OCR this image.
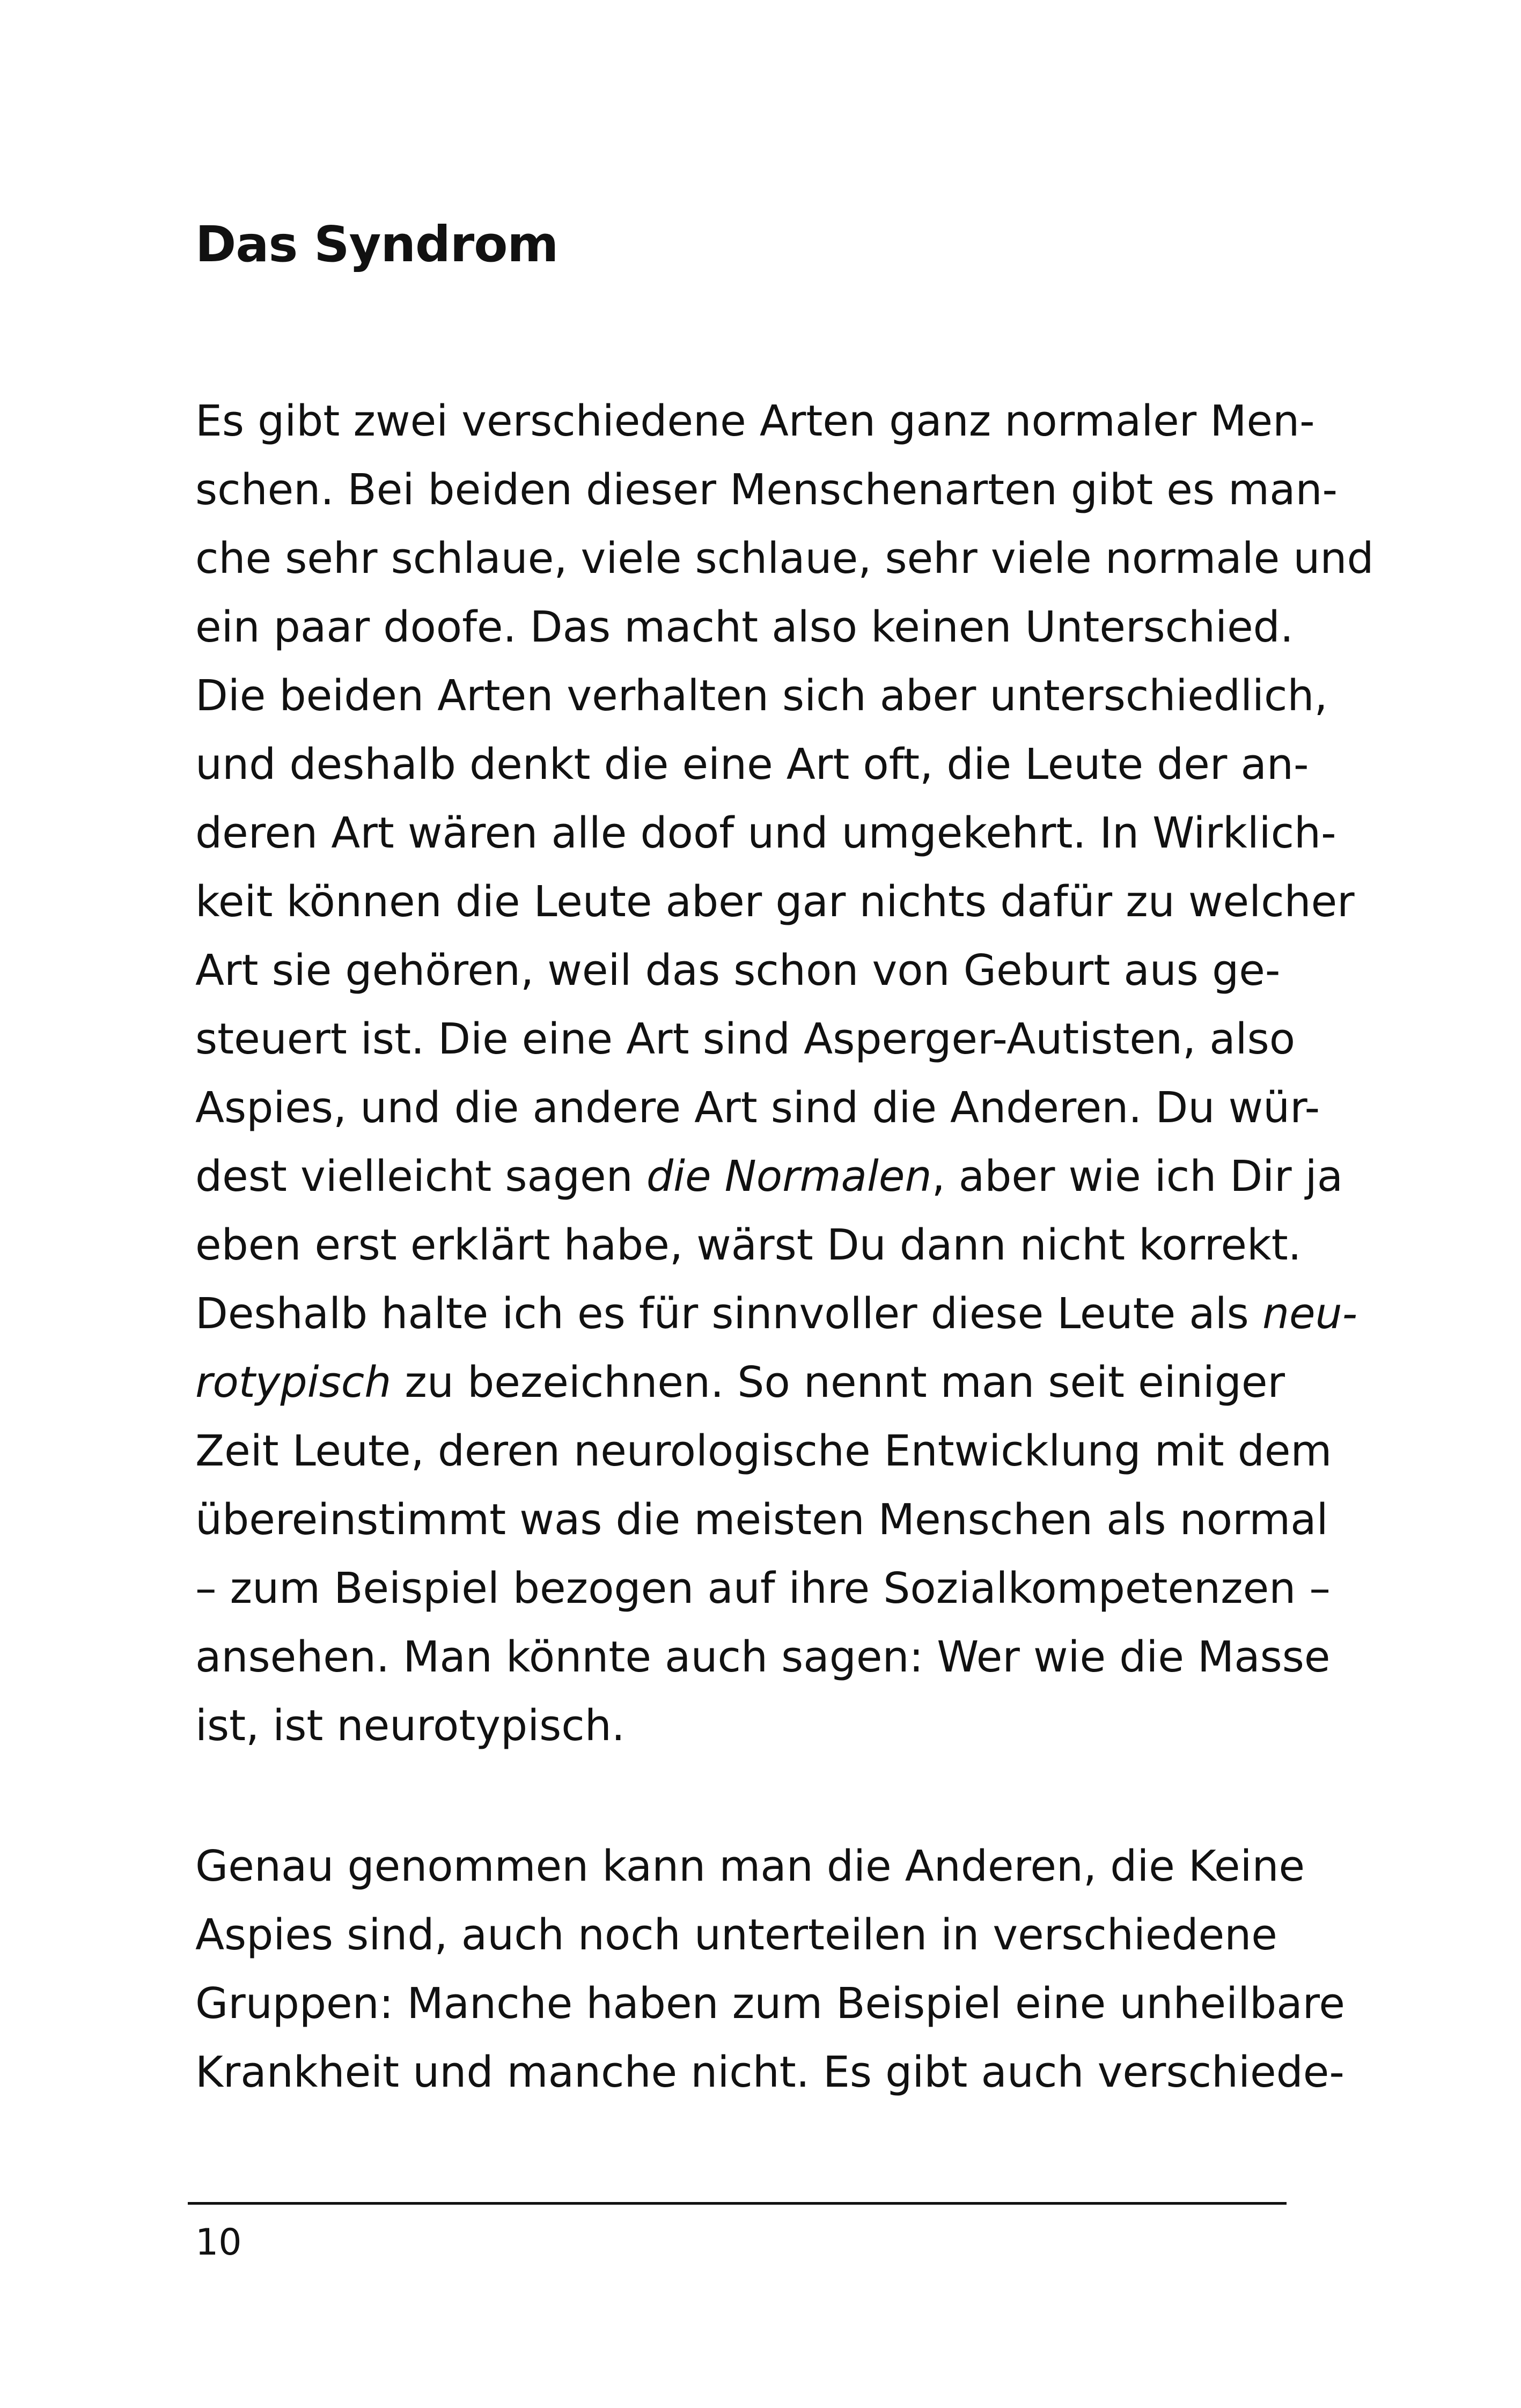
Das Syndrom
Es gibt zwei verschiedene Arten ganz normaler Men-
schen. Bei beiden dieser Menschenarten gibt es man-
che sehr schlaue, viele schlaue, sehr viele normale und
ein paar doofe. Das macht also keinen Unterschied.
Die beiden Arten verhalten sich aber unterschiedlich,
und deshalb denkt die eine Art oft, die Leute der an-
deren Art wären alle doof und umgekehrt. In Wirklich-
keit können die Leute aber gar nichts dafür zu welcher
Art sie gehören, weil das schon von Geburt aus ge-
steuert ist. Die eine Art sind Asperger-Autisten, also
Aspies, und die andere Art sind die Anderen. Du wür-
dest vielleicht sagen die Normalen, aber wie ich Dir ja
eben erst erklärt habe, wärst Du dann nicht korrekt.
Deshalb halte ich es für sinnvoller diese Leute als neu-
rotypisch zu bezeichnen. So nennt man seit einiger
Zeit Leute, deren neurologische Entwicklung mit dem
übereinstimmt was die meisten Menschen als normal
– zum Beispiel bezogen auf ihre Sozialkompetenzen –
ansehen. Man könnte auch sagen: Wer wie die Masse
ist, ist neurotypisch.
Genau genommen kann man die Anderen, die Keine
Aspies sind, auch noch unterteilen in verschiedene
Gruppen: Manche haben zum Beispiel eine unheilbare
Krankheit und manche nicht. Es gibt auch verschiede-
10
